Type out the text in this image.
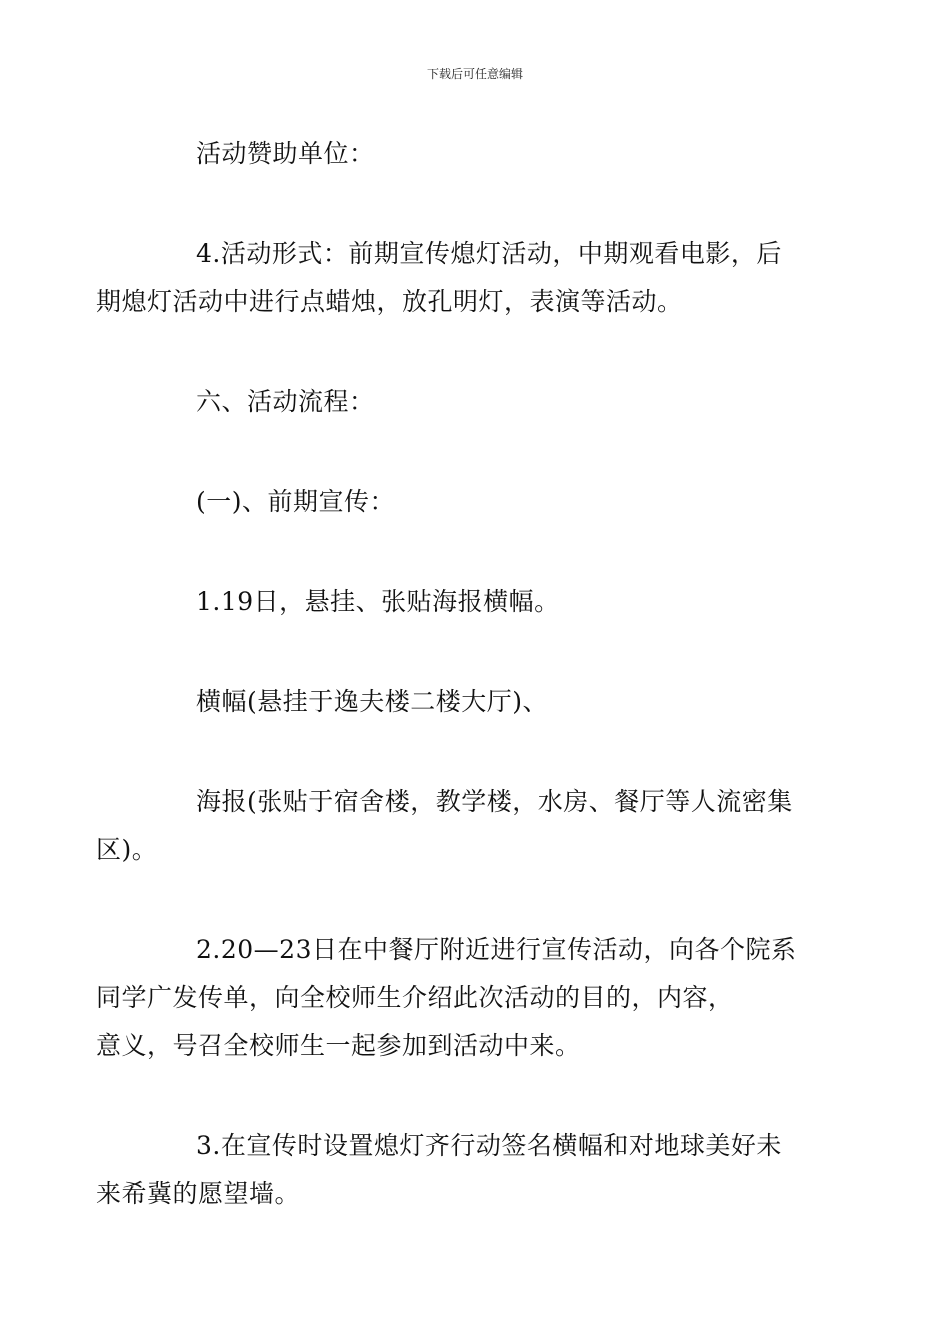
下载后可任意编辑

活动赞助单位：

4.活动形式：前期宣传熄灯活动，中期观看电影，后
期熄灯活动中进行点蜡烛，放孔明灯，表演等活动。

六、活动流程：

(一)、前期宣传：

1.19日，悬挂、张贴海报横幅。

横幅(悬挂于逸夫楼二楼大厅)、

海报(张贴于宿舍楼，教学楼，水房、餐厅等人流密集
区)。

2.20—23日在中餐厅附近进行宣传活动，向各个院系
同学广发传单，向全校师生介绍此次活动的目的，内容，
意义，号召全校师生一起参加到活动中来。

3.在宣传时设置熄灯齐行动签名横幅和对地球美好未
来希冀的愿望墙。
